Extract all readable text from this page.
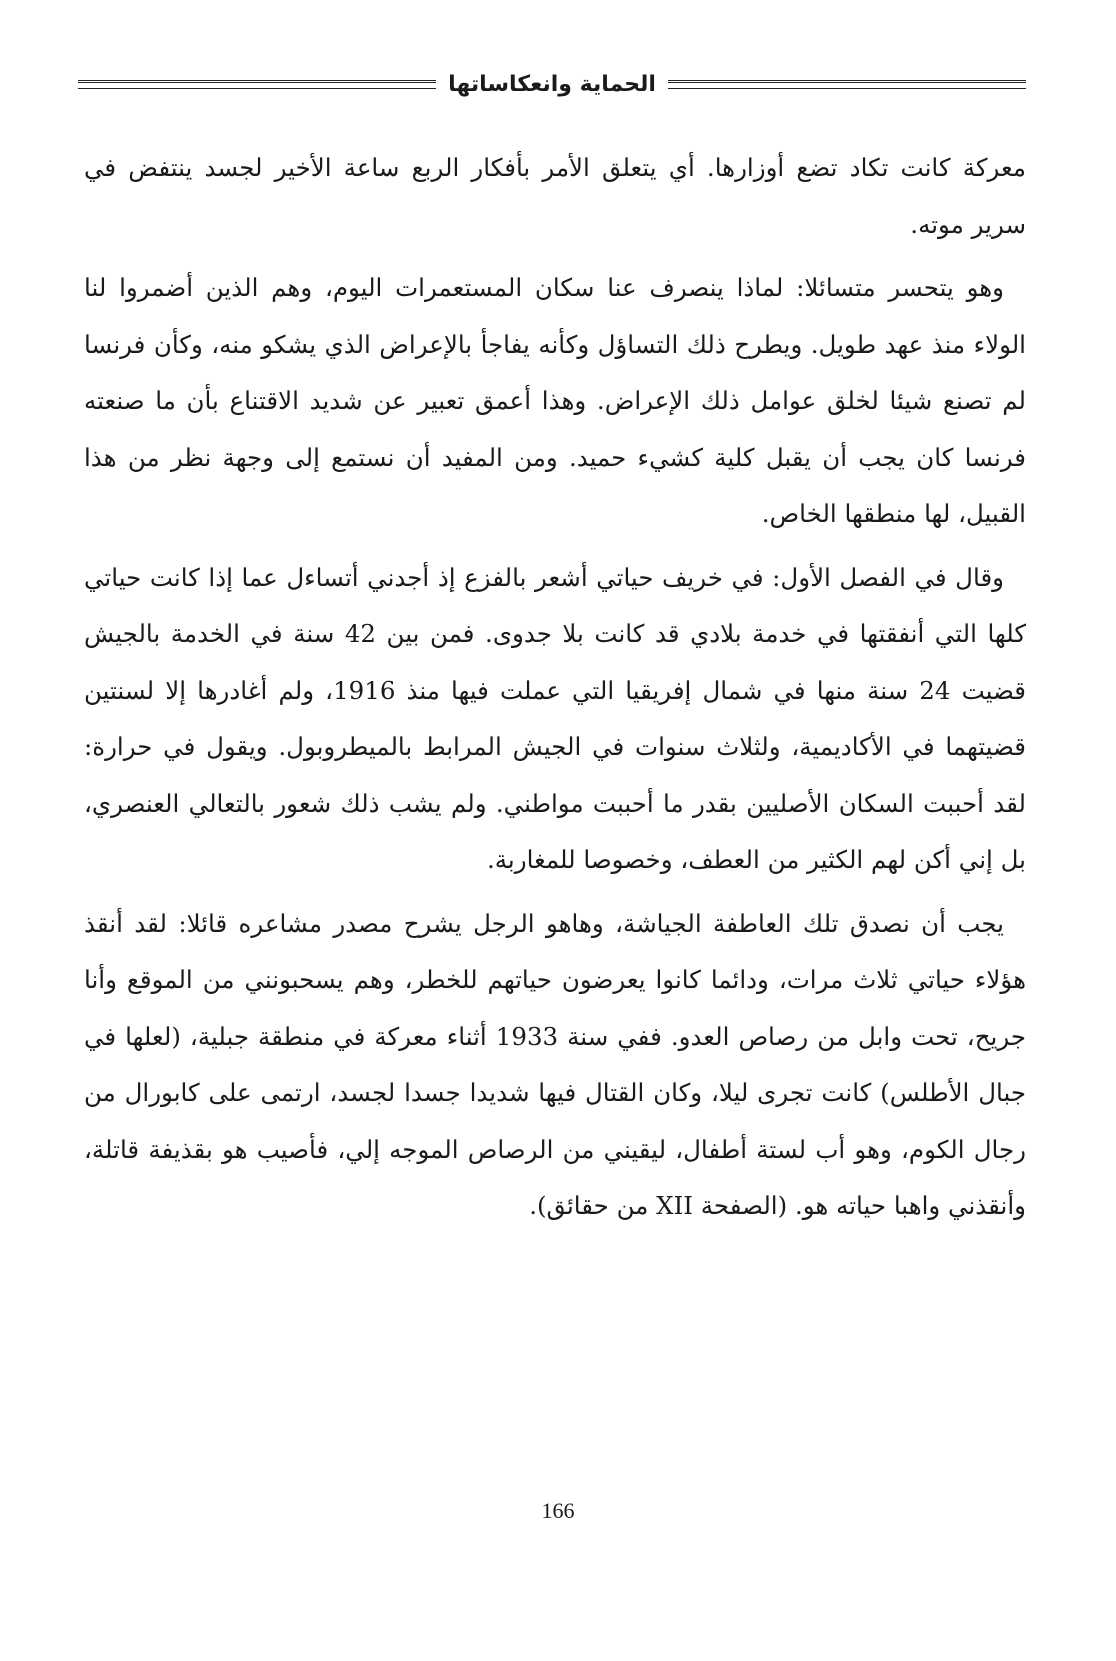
الحماية وانعكاساتها

معركة كانت تكاد تضع أوزارها. أي يتعلق الأمر بأفكار الربع ساعة الأخير لجسد ينتفض في سرير موته.

وهو يتحسر متسائلا: لماذا ينصرف عنا سكان المستعمرات اليوم، وهم الذين أضمروا لنا الولاء منذ عهد طويل. ويطرح ذلك التساؤل وكأنه يفاجأ بالإعراض الذي يشكو منه، وكأن فرنسا لم تصنع شيئا لخلق عوامل ذلك الإعراض. وهذا أعمق تعبير عن شديد الاقتناع بأن ما صنعته فرنسا كان يجب أن يقبل كلية كشيء حميد. ومن المفيد أن نستمع إلى وجهة نظر من هذا القبيل، لها منطقها الخاص.

وقال في الفصل الأول: في خريف حياتي أشعر بالفزع إذ أجدني أتساءل عما إذا كانت حياتي كلها التي أنفقتها في خدمة بلادي قد كانت بلا جدوى. فمن بين 42 سنة في الخدمة بالجيش قضيت 24 سنة منها في شمال إفريقيا التي عملت فيها منذ 1916، ولم أغادرها إلا لسنتين قضيتهما في الأكاديمية، ولثلاث سنوات في الجيش المرابط بالميطروبول. ويقول في حرارة: لقد أحببت السكان الأصليين بقدر ما أحببت مواطني. ولم يشب ذلك شعور بالتعالي العنصري، بل إني أكن لهم الكثير من العطف، وخصوصا للمغاربة.

يجب أن نصدق تلك العاطفة الجياشة، وهاهو الرجل يشرح مصدر مشاعره قائلا: لقد أنقذ هؤلاء حياتي ثلاث مرات، ودائما كانوا يعرضون حياتهم للخطر، وهم يسحبونني من الموقع وأنا جريح، تحت وابل من رصاص العدو. ففي سنة 1933 أثناء معركة في منطقة جبلية، (لعلها في جبال الأطلس) كانت تجرى ليلا، وكان القتال فيها شديدا جسدا لجسد، ارتمى على كابورال من رجال الكوم، وهو أب لستة أطفال، ليقيني من الرصاص الموجه إلي، فأصيب هو بقذيفة قاتلة، وأنقذني واهبا حياته هو. (الصفحة XII من حقائق).

166
